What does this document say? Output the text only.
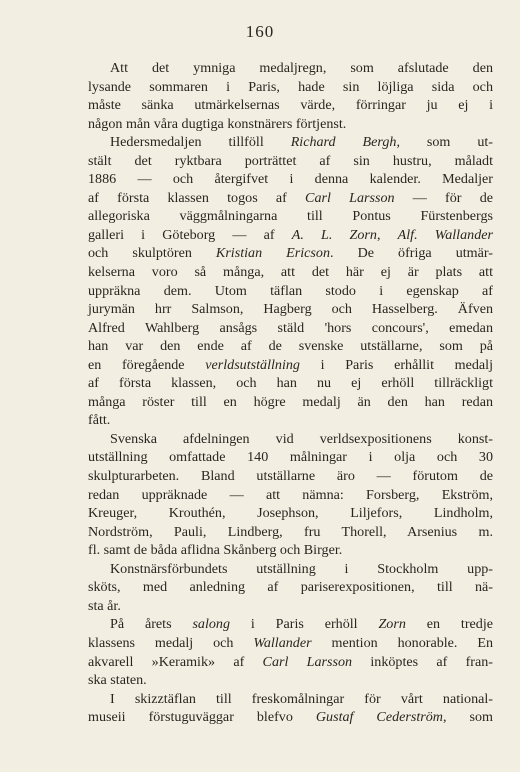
160
Att det ymniga medaljregn, som afslutade den
lysande sommaren i Paris, hade sin löjliga sida och
måste sänka utmärkelsernas värde, förringar ju ej i
någon mån våra dugtiga konstnärers förtjenst.
Hedersmedaljen tillföll Richard Bergh, som ut-
stält det ryktbara porträttet af sin hustru, måladt
1886 — och återgifvet i denna kalender. Medaljer
af första klassen togos af Carl Larsson — för de
allegoriska väggmålningarna till Pontus Fürstenbergs
galleri i Göteborg — af A. L. Zorn, Alf. Wallander
och skulptören Kristian Ericson. De öfriga utmär-
kelserna voro så många, att det här ej är plats att
uppräkna dem. Utom täflan stodo i egenskap af
jurymän hrr Salmson, Hagberg och Hasselberg. Äfven
Alfred Wahlberg ansågs stäld 'hors concours', emedan
han var den ende af de svenske utställarne, som på
en föregående verldsutställning i Paris erhållit medalj
af första klassen, och han nu ej erhöll tillräckligt
många röster till en högre medalj än den han redan
fått.
Svenska afdelningen vid verldsexpositionens konst-
utställning omfattade 140 målningar i olja och 30
skulpturarbeten. Bland utställarne äro — förutom de
redan uppräknade — att nämna: Forsberg, Ekström,
Kreuger, Krouthén, Josephson, Liljefors, Lindholm,
Nordström, Pauli, Lindberg, fru Thorell, Arsenius m.
fl. samt de båda aflidna Skånberg och Birger.
Konstnärsförbundets utställning i Stockholm upp-
sköts, med anledning af pariserexpositionen, till nä-
sta år.
På årets salong i Paris erhöll Zorn en tredje
klassens medalj och Wallander mention honorable. En
akvarell »Keramik» af Carl Larsson inköptes af fran-
ska staten.
I skizztäflan till freskomålningar för vårt national-
museii förstuguväggar blefvo Gustaf Cederström, som
